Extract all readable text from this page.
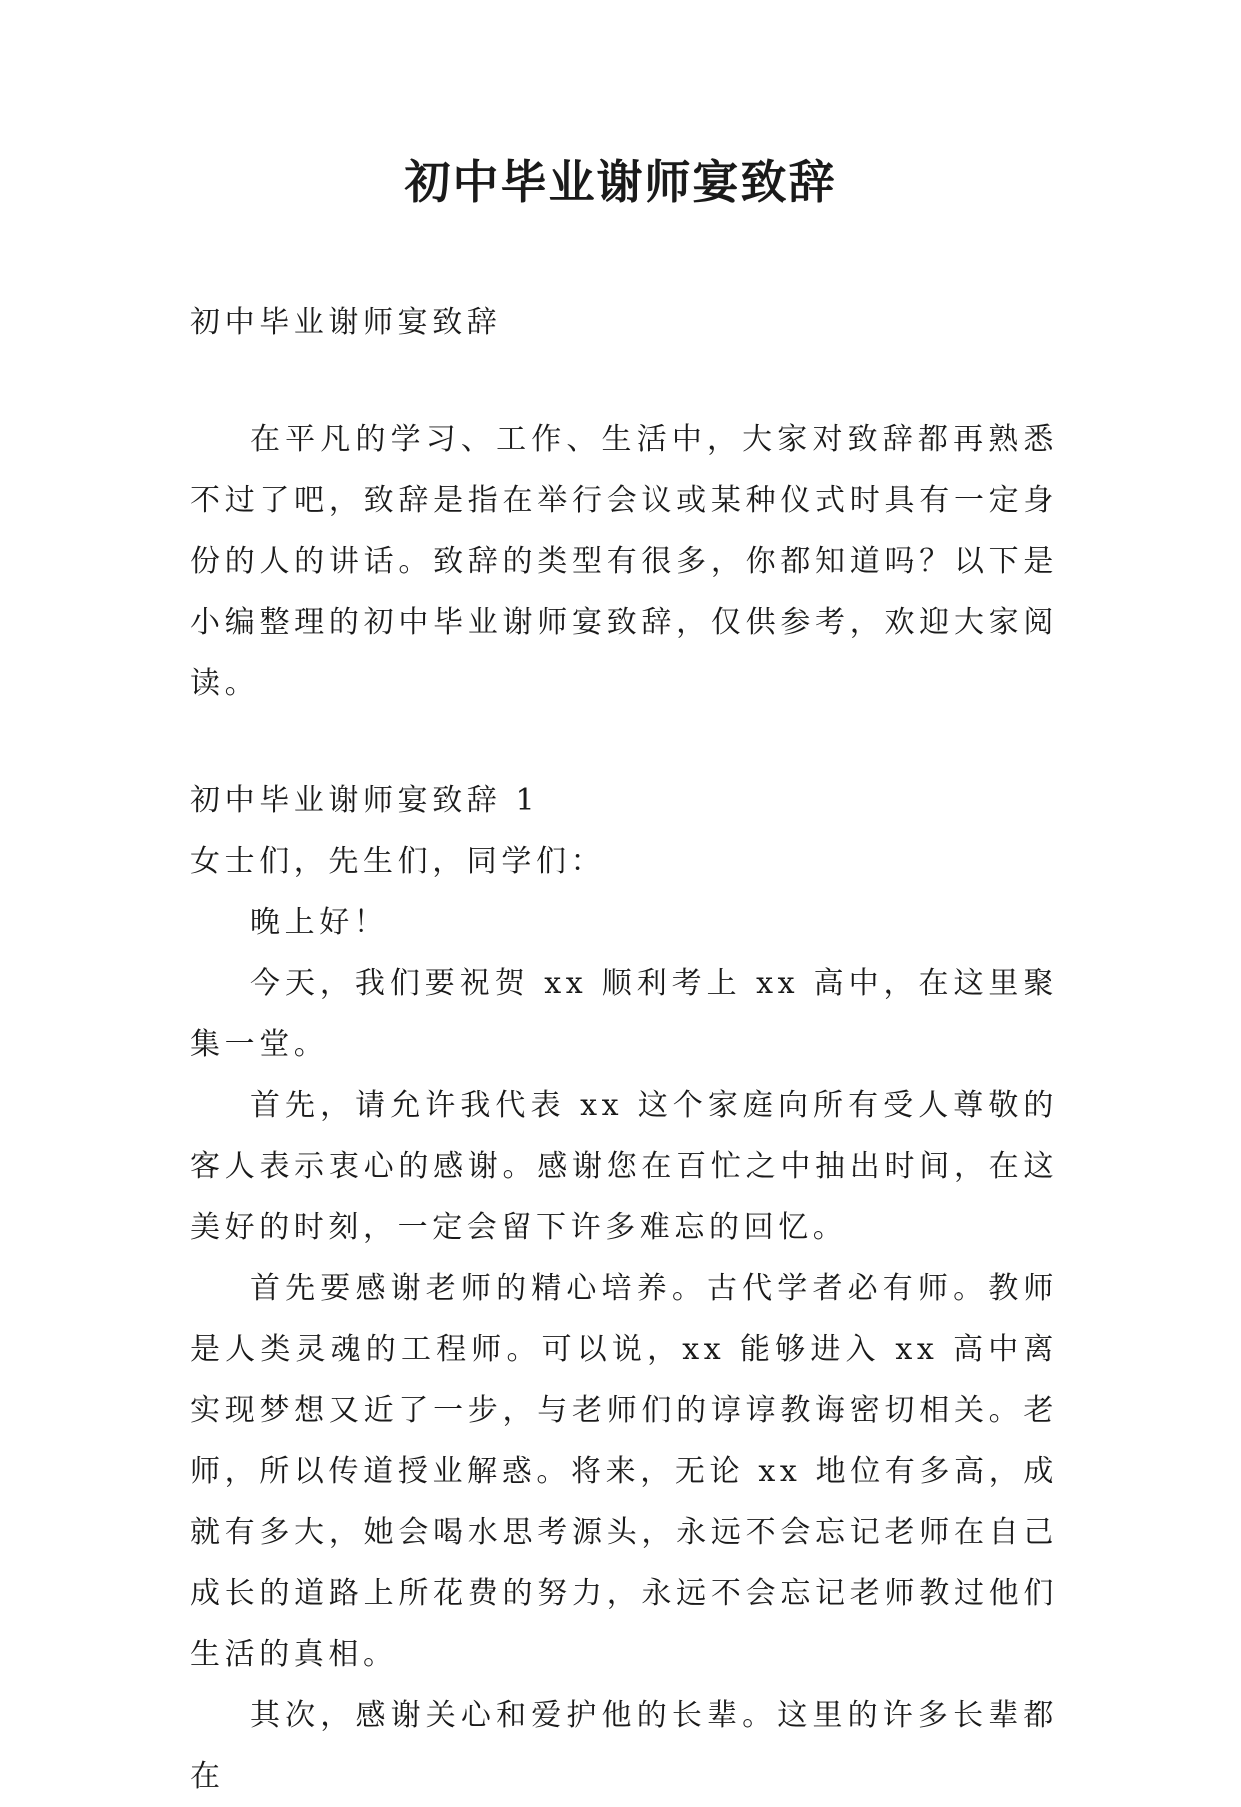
初中毕业谢师宴致辞

初中毕业谢师宴致辞

在平凡的学习、工作、生活中，大家对致辞都再熟悉不过了吧，致辞是指在举行会议或某种仪式时具有一定身份的人的讲话。致辞的类型有很多，你都知道吗？以下是小编整理的初中毕业谢师宴致辞，仅供参考，欢迎大家阅读。

初中毕业谢师宴致辞 1

女士们，先生们，同学们：

晚上好！

今天，我们要祝贺 xx 顺利考上 xx 高中，在这里聚集一堂。

首先，请允许我代表 xx 这个家庭向所有受人尊敬的客人表示衷心的感谢。感谢您在百忙之中抽出时间，在这美好的时刻，一定会留下许多难忘的回忆。

首先要感谢老师的精心培养。古代学者必有师。教师是人类灵魂的工程师。可以说，xx 能够进入 xx 高中离实现梦想又近了一步，与老师们的谆谆教诲密切相关。老师，所以传道授业解惑。将来，无论 xx 地位有多高，成就有多大，她会喝水思考源头，永远不会忘记老师在自己成长的道路上所花费的努力，永远不会忘记老师教过他们生活的真相。

其次，感谢关心和爱护他的长辈。这里的许多长辈都在
